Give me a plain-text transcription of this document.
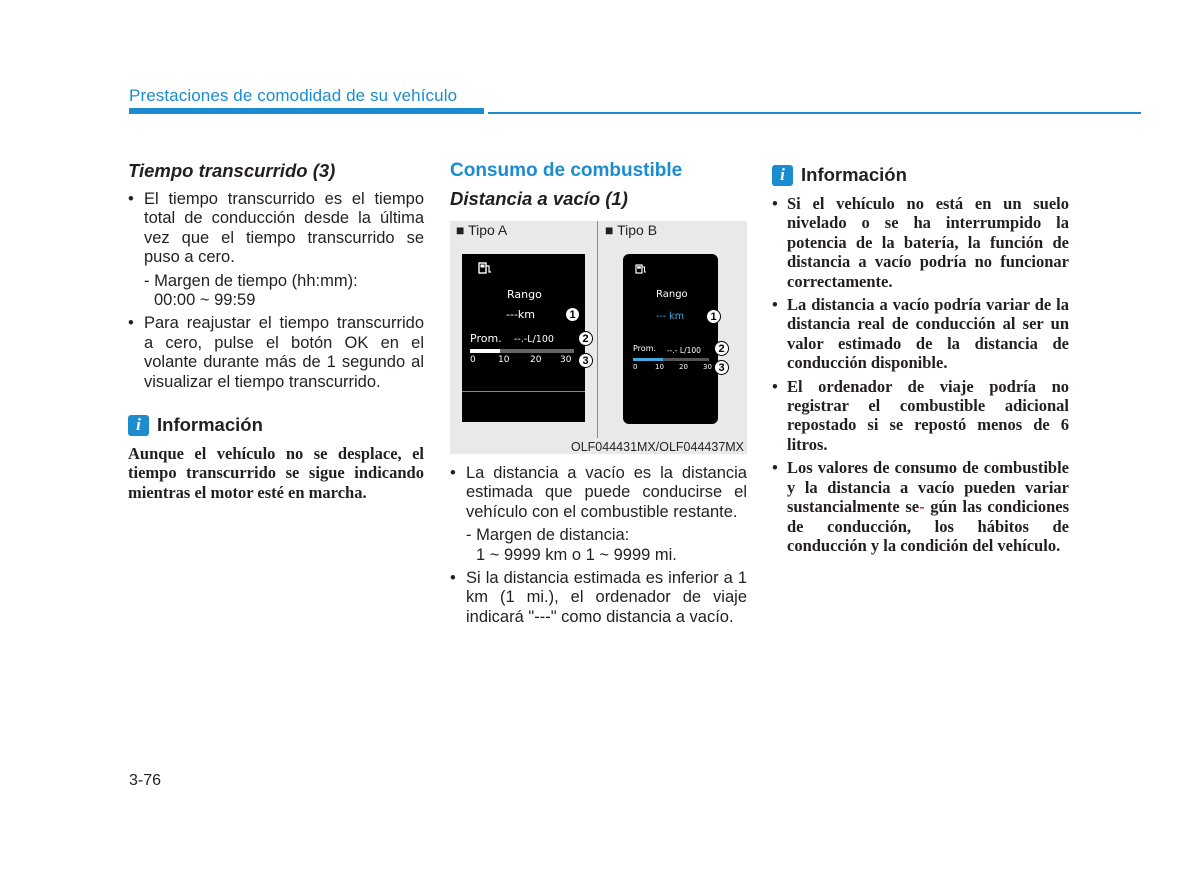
Prestaciones de comodidad de su vehículo
Tiempo transcurrido (3)

• El tiempo transcurrido es el tiempo total de conducción desde la última vez que el tiempo transcurrido se puso a cero.

- Margen de tiempo (hh:mm):

00:00 ~ 99:59

• Para reajustar el tiempo transcurrido a cero, pulse el botón OK en el volante durante más de 1 segundo al visualizar el tiempo transcurrido.

i Información

Aunque el vehículo no se desplace, el tiempo transcurrido se sigue indicando mientras el motor esté en marcha.

Consumo de combustible
Distancia a vacío (1)
■ Tipo A	■ Tipo B
Rango
---km
Prom. --.-L/100
0 10 20 30
1
2
3
Rango
--- km
Prom. --.- L/100
0	10 20 30
1
2
3
OLF044431MX/OLF044437MX

• La distancia a vacío es la distancia estimada que puede conducirse el vehículo con el combustible restante.

- Margen de distancia:

1 ~ 9999 km o 1 ~ 9999 mi.

• Si la distancia estimada es inferior a 1 km (1 mi.), el ordenador de viaje indicará "---" como distancia a vacío.

i Información

• Si el vehículo no está en un suelo nivelado o se ha interrumpido la potencia de la batería, la función de distancia a vacío podría no funcionar correctamente.

• La distancia a vacío podría variar de la distancia real de conducción al ser un valor estimado de la distancia de conducción disponible.

• El ordenador de viaje podría no registrar el combustible adicional repostado si se repostó menos de 6 litros.

• Los valores de consumo de combustible y la distancia a vacío pueden variar sustancialmente se- gún las condiciones de conducción, los hábitos de conducción y la condición del vehículo.

3-76
